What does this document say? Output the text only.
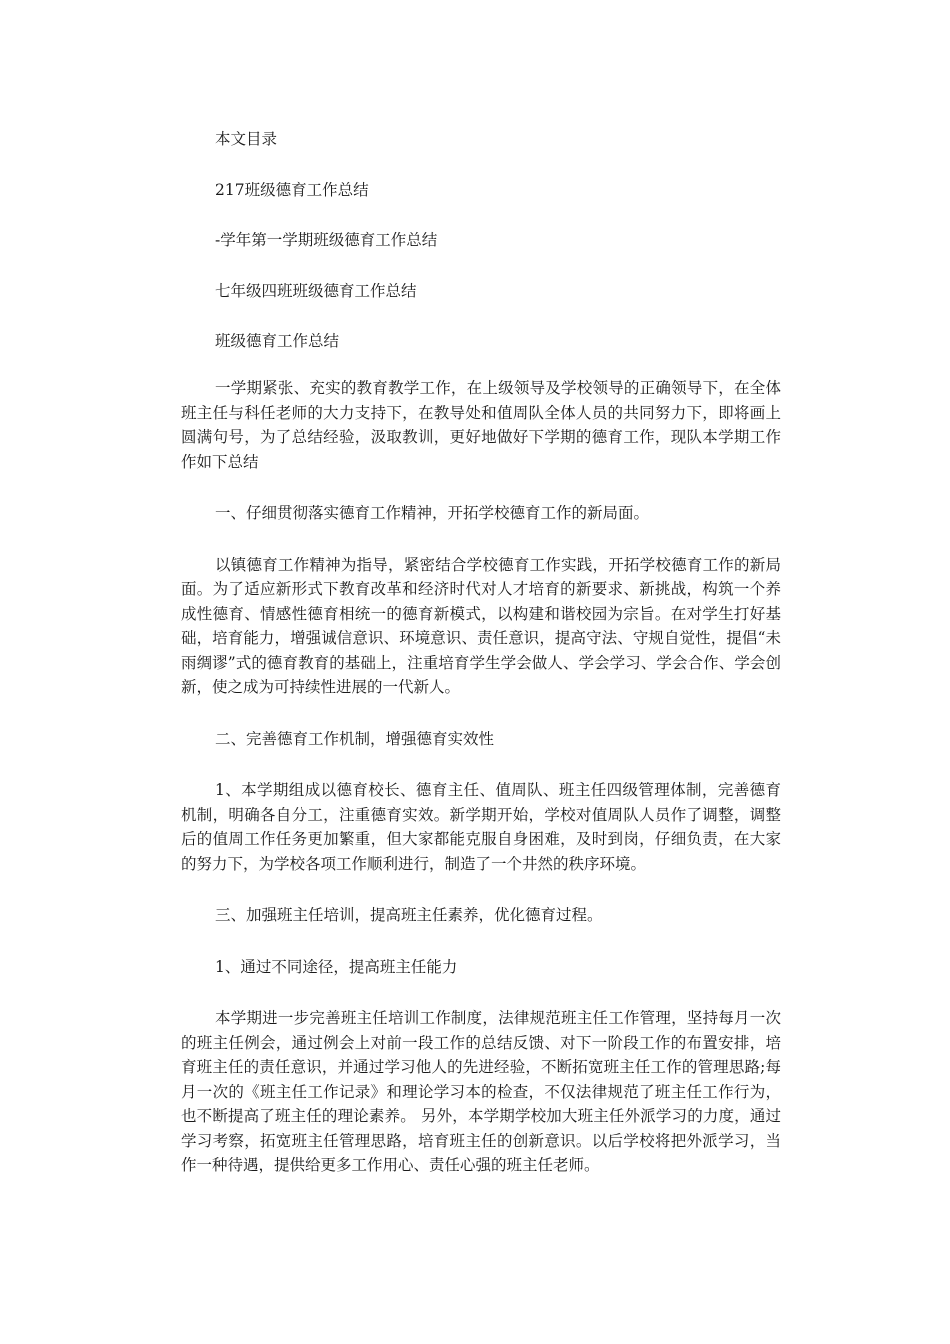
本文目录
217班级德育工作总结
-学年第一学期班级德育工作总结
七年级四班班级德育工作总结
班级德育工作总结

一学期紧张、充实的教育教学工作，在上级领导及学校领导的正确领导下，在全体班主任与科任老师的大力支持下，在教导处和值周队全体人员的共同努力下，即将画上圆满句号，为了总结经验，汲取教训，更好地做好下学期的德育工作，现队本学期工作作如下总结

一、仔细贯彻落实德育工作精神，开拓学校德育工作的新局面。

以镇德育工作精神为指导，紧密结合学校德育工作实践，开拓学校德育工作的新局面。为了适应新形式下教育改革和经济时代对人才培育的新要求、新挑战，构筑一个养成性德育、情感性德育相统一的德育新模式，以构建和谐校园为宗旨。在对学生打好基础，培育能力，增强诚信意识、环境意识、责任意识，提高守法、守规自觉性，提倡“未雨绸谬”式的德育教育的基础上，注重培育学生学会做人、学会学习、学会合作、学会创新，使之成为可持续性进展的一代新人。

二、完善德育工作机制，增强德育实效性

1、本学期组成以德育校长、德育主任、值周队、班主任四级管理体制，完善德育机制，明确各自分工，注重德育实效。新学期开始，学校对值周队人员作了调整，调整后的值周工作任务更加繁重，但大家都能克服自身困难，及时到岗，仔细负责，在大家的努力下，为学校各项工作顺利进行，制造了一个井然的秩序环境。

三、加强班主任培训，提高班主任素养，优化德育过程。

1、通过不同途径，提高班主任能力

本学期进一步完善班主任培训工作制度，法律规范班主任工作管理，坚持每月一次的班主任例会，通过例会上对前一段工作的总结反馈、对下一阶段工作的布置安排，培育班主任的责任意识，并通过学习他人的先进经验，不断拓宽班主任工作的管理思路;每月一次的《班主任工作记录》和理论学习本的检查，不仅法律规范了班主任工作行为，也不断提高了班主任的理论素养。 另外，本学期学校加大班主任外派学习的力度，通过学习考察，拓宽班主任管理思路，培育班主任的创新意识。以后学校将把外派学习，当作一种待遇，提供给更多工作用心、责任心强的班主任老师。
